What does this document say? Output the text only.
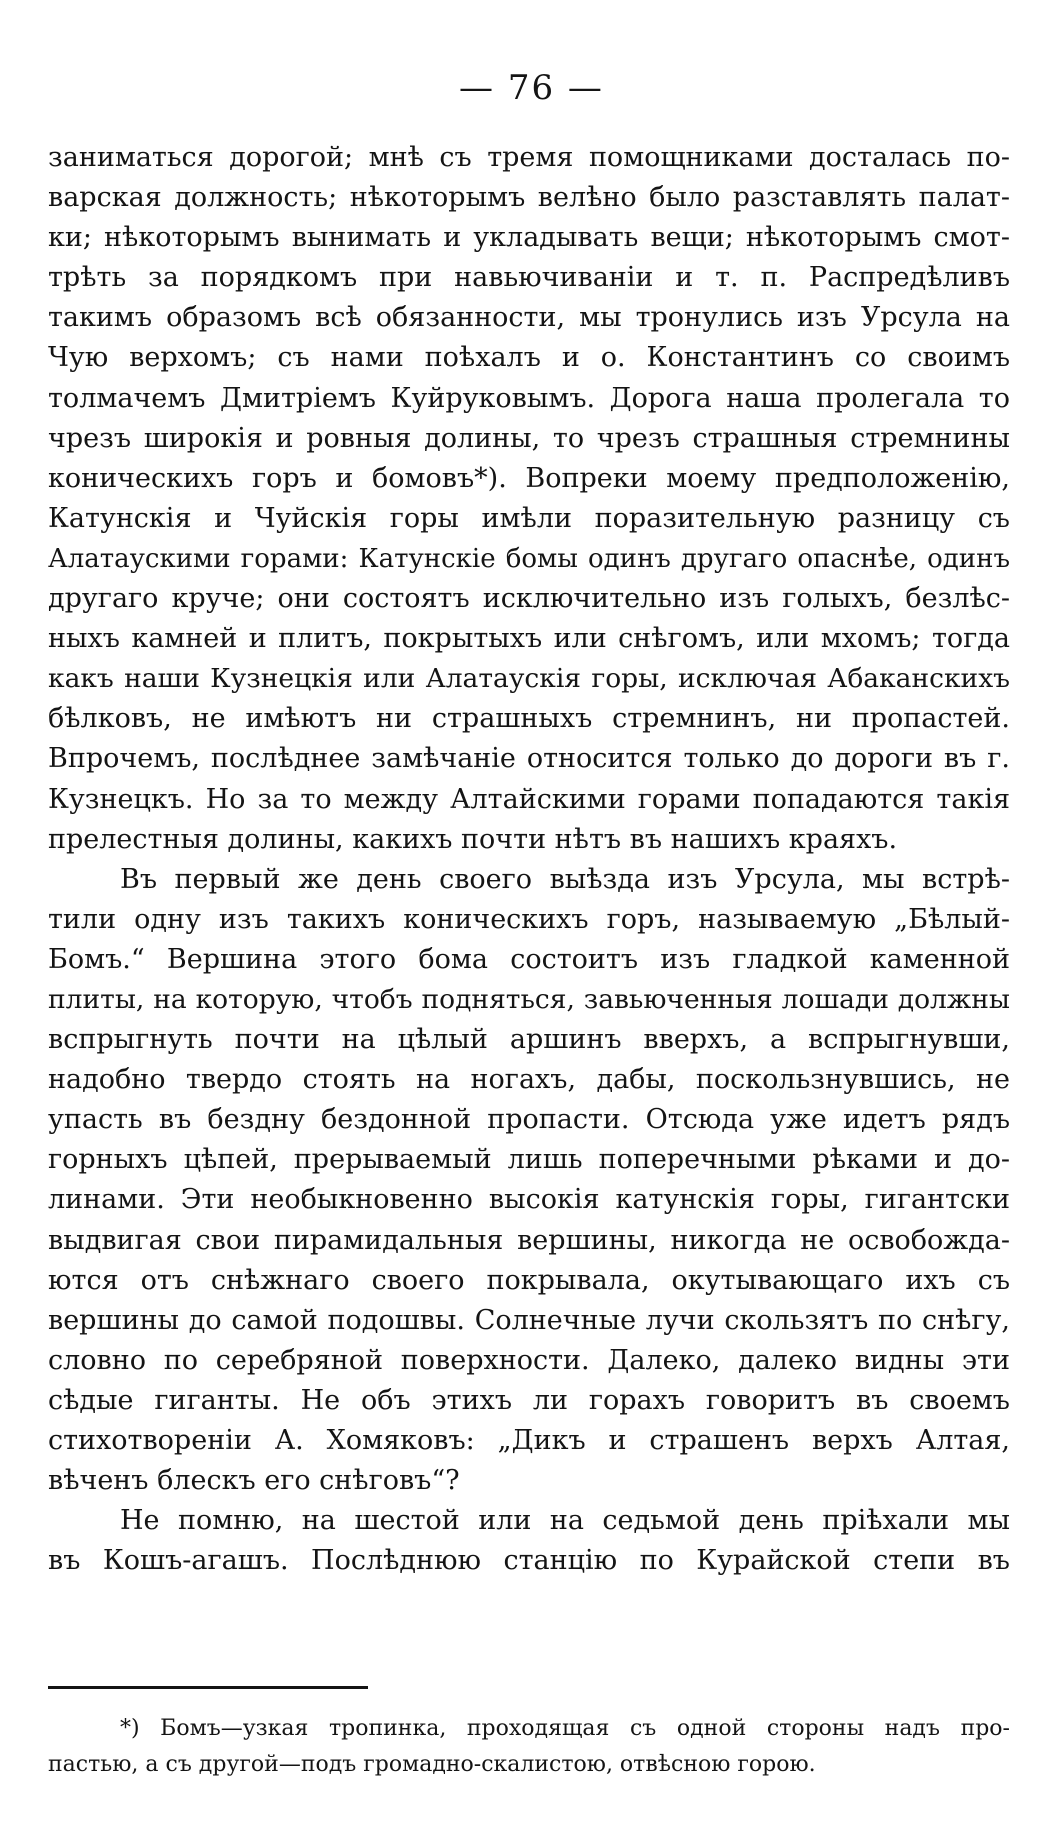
— 76 —
заниматься дорогой; мнѣ съ тремя помощниками досталась по-
варская должность; нѣкоторымъ велѣно было разставлять палат-
ки; нѣкоторымъ вынимать и укладывать вещи; нѣкоторымъ смот-
трѣть за порядкомъ при навьючиваніи и т. п. Распредѣливъ
такимъ образомъ всѣ обязанности, мы тронулись изъ Урсула на
Чую верхомъ; съ нами поѣхалъ и о. Константинъ со своимъ
толмачемъ Дмитріемъ Куйруковымъ. Дорога наша пролегала то
чрезъ широкія и ровныя долины, то чрезъ страшныя стремнины
коническихъ горъ и бомовъ*). Вопреки моему предположенію,
Катунскія и Чуйскія горы имѣли поразительную разницу съ
Алатаускими горами: Катунскіе бомы одинъ другаго опаснѣе, одинъ
другаго круче; они состоятъ исключительно изъ голыхъ, безлѣс-
ныхъ камней и плитъ, покрытыхъ или снѣгомъ, или мхомъ; тогда
какъ наши Кузнецкія или Алатаускія горы, исключая Абаканскихъ
бѣлковъ, не имѣютъ ни страшныхъ стремнинъ, ни пропастей.
Впрочемъ, послѣднее замѣчаніе относится только до дороги въ г.
Кузнецкъ. Но за то между Алтайскими горами попадаются такія
прелестныя долины, какихъ почти нѣтъ въ нашихъ краяхъ.
Въ первый же день своего выѣзда изъ Урсула, мы встрѣ-
тили одну изъ такихъ коническихъ горъ, называемую „Бѣлый-
Бомъ.“ Вершина этого бома состоитъ изъ гладкой каменной
плиты, на которую, чтобъ подняться, завьюченныя лошади должны
вспрыгнуть почти на цѣлый аршинъ вверхъ, а вспрыгнувши,
надобно твердо стоять на ногахъ, дабы, поскользнувшись, не
упасть въ бездну бездонной пропасти. Отсюда уже идетъ рядъ
горныхъ цѣпей, прерываемый лишь поперечными рѣками и до-
линами. Эти необыкновенно высокія катунскія горы, гигантски
выдвигая свои пирамидальныя вершины, никогда не освобожда-
ются отъ снѣжнаго своего покрывала, окутывающаго ихъ съ
вершины до самой подошвы. Солнечные лучи скользятъ по снѣгу,
словно по серебряной поверхности. Далеко, далеко видны эти
сѣдые гиганты. Не объ этихъ ли горахъ говоритъ въ своемъ
стихотвореніи А. Хомяковъ: „Дикъ и страшенъ верхъ Алтая,
вѣченъ блескъ его снѣговъ“?
Не помню, на шестой или на седьмой день пріѣхали мы
въ Кошъ-агашъ. Послѣднюю станцію по Курайской степи въ
*) Бомъ—узкая тропинка, проходящая съ одной стороны надъ про-
пастью, а съ другой—подъ громадно-скалистою, отвѣсною горою.
